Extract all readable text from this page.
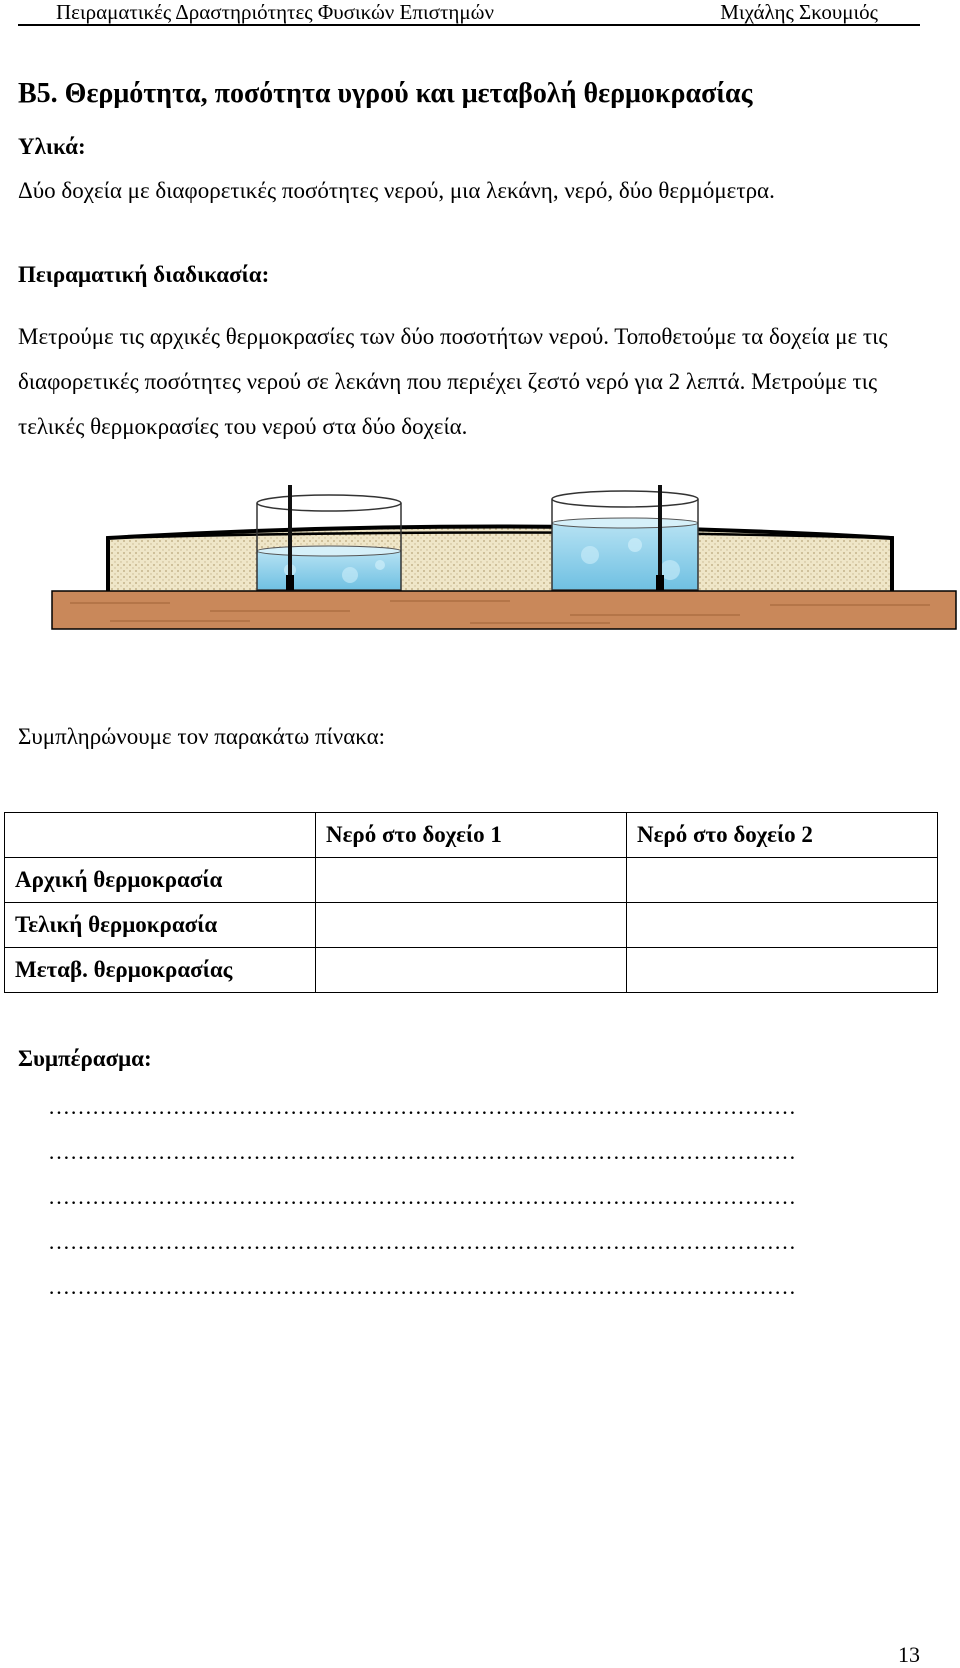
Πειραματικές Δραστηριότητες Φυσικών Επιστημών	Μιχάλης Σκουμιός
Β5. Θερμότητα, ποσότητα υγρού και μεταβολή θερμοκρασίας
Υλικά:
Δύο δοχεία με διαφορετικές ποσότητες νερού, μια λεκάνη, νερό, δύο θερμόμετρα.
Πειραματική διαδικασία:
Μετρούμε τις αρχικές θερμοκρασίες των δύο ποσοτήτων νερού. Τοποθετούμε τα δοχεία με τις διαφορετικές ποσότητες νερού σε λεκάνη που περιέχει ζεστό νερό για 2 λεπτά. Μετρούμε τις τελικές θερμοκρασίες του νερού στα δύο δοχεία.
Συμπληρώνουμε τον παρακάτω πίνακα:
	Νερό στο δοχείο 1	Νερό στο δοχείο 2
Αρχική θερμοκρασία		
Τελική θερμοκρασία		
Μεταβ. θερμοκρασίας		
Συμπέρασμα:
…………………………………………………………………………………………
…………………………………………………………………………………………
…………………………………………………………………………………………
…………………………………………………………………………………………
…………………………………………………………………………………………
13
